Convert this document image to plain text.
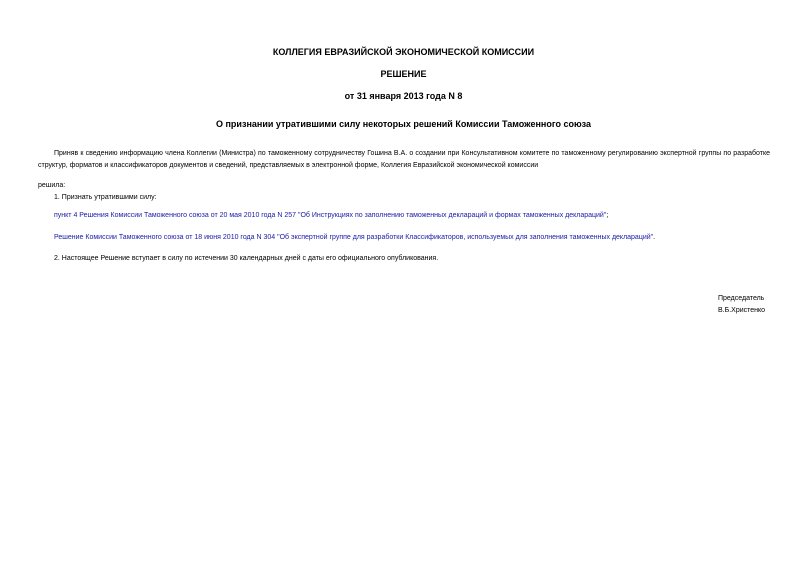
КОЛЛЕГИЯ ЕВРАЗИЙСКОЙ ЭКОНОМИЧЕСКОЙ КОМИССИИ
РЕШЕНИЕ
от 31 января 2013 года N 8
О признании утратившими силу некоторых решений Комиссии Таможенного союза
Приняв к сведению информацию члена Коллегии (Министра) по таможенному сотрудничеству Гошина В.А. о создании при Консультативном комитете по таможенному регулированию экспертной группы по разработке структур, форматов и классификаторов документов и сведений, представляемых в электронной форме, Коллегия Евразийской экономической комиссии
решила:
1. Признать утратившими силу:
пункт 4 Решения Комиссии Таможенного союза от 20 мая 2010 года N 257 "Об Инструкциях по заполнению таможенных деклараций и формах таможенных деклараций";
Решение Комиссии Таможенного союза от 18 июня 2010 года N 304 "Об экспертной группе для разработки Классификаторов, используемых для заполнения таможенных деклараций".
2. Настоящее Решение вступает в силу по истечении 30 календарных дней с даты его официального опубликования.
Председатель
В.Б.Христенко
